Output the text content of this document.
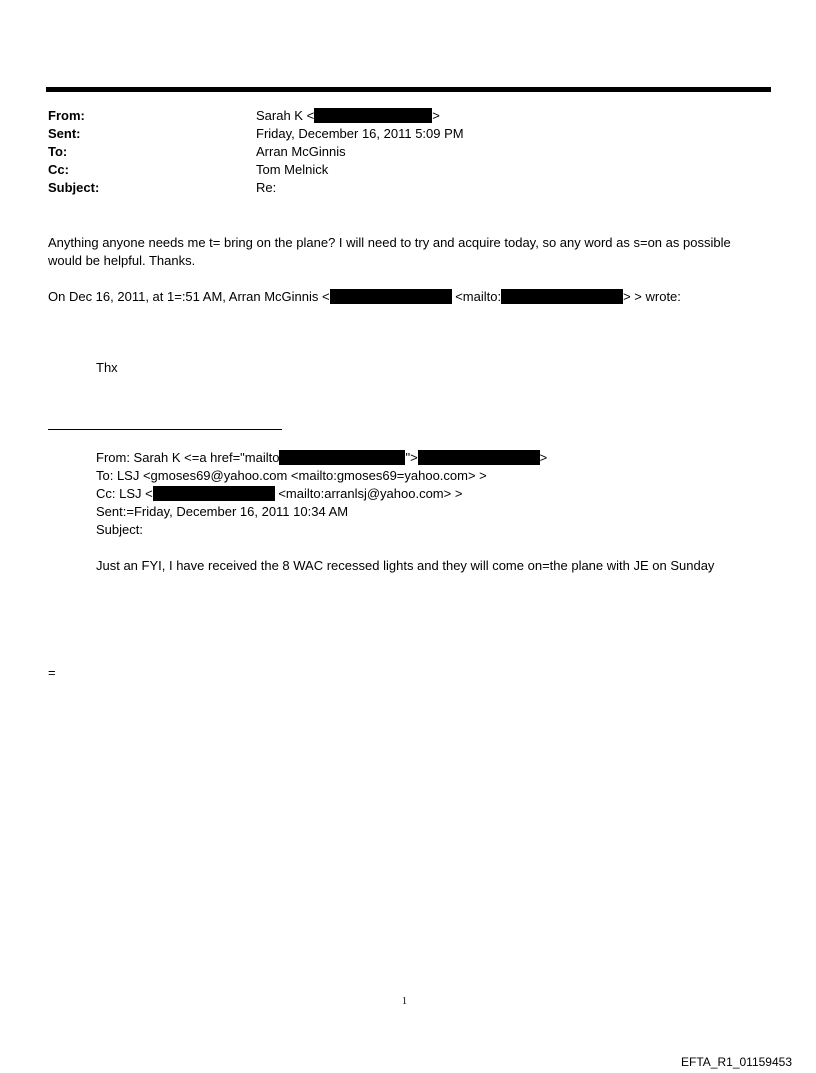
From:	Sarah K <	>
Sent:	Friday, December 16, 2011 5:09 PM
To:	Arran McGinnis
Cc:	Tom Melnick
Subject:	Re:
Anything anyone needs me t= bring on the plane? I will need to try and acquire today, so any word as s=on as possible
would be helpful. Thanks.
On Dec 16, 2011, at 1=:51 AM, Arran McGinnis <	<mailto:	> > wrote:
Thx
From: Sarah K <=a href="mailto	">	>
To: LSJ <gmoses69@yahoo.com <mailto:gmoses69=yahoo.com> >
Cc: LSJ <	<mailto:arranlsj@yahoo.com> >
Sent:=Friday, December 16, 2011 10:34 AM
Subject:
Just an FYI, I have received the 8 WAC recessed lights and they will come on=the plane with JE on Sunday
=
1
EFTA_R1_01159453
